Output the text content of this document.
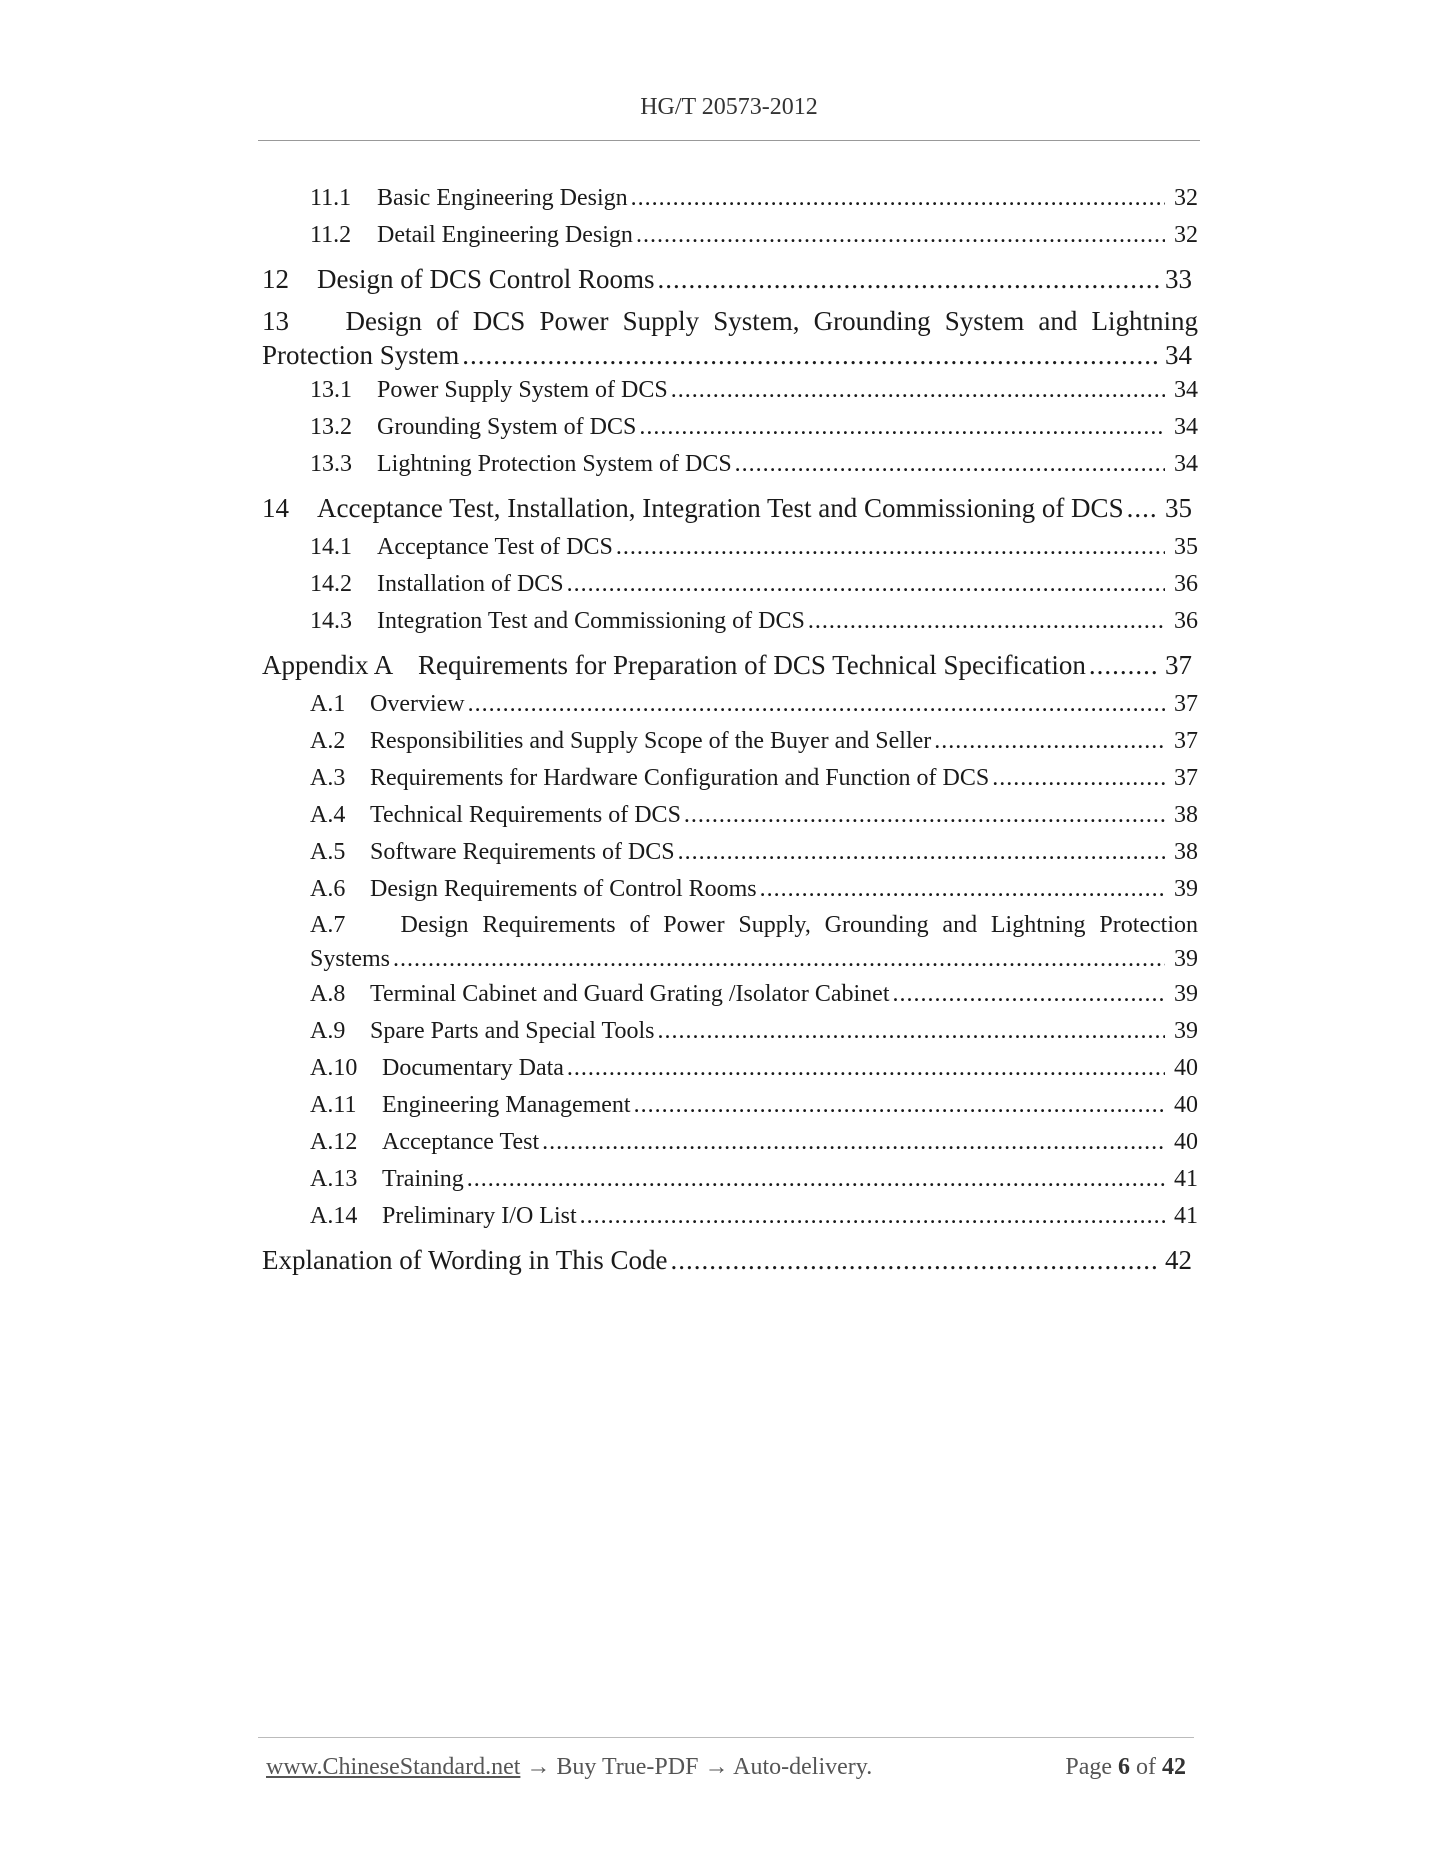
HG/T 20573-2012
11.1	Basic Engineering Design .....	32
11.2	Detail Engineering Design .....	32
12	Design of DCS Control Rooms .....	33
13    Design of DCS Power Supply System, Grounding System and Lightning
Protection System .....	34
13.1	Power Supply System of DCS .....	34
13.2	Grounding System of DCS .....	34
13.3	Lightning Protection System of DCS .....	34
14	Acceptance Test, Installation, Integration Test and Commissioning of DCS ..... 35
14.1	Acceptance Test of DCS .....	35
14.2	Installation of DCS .....	36
14.3	Integration Test and Commissioning of DCS .....	36
Appendix A Requirements for Preparation of DCS Technical Specification .....	37
A.1	Overview .....	37
A.2	Responsibilities and Supply Scope of the Buyer and Seller .....	37
A.3	Requirements for Hardware Configuration and Function of DCS .....	37
A.4	Technical Requirements of DCS .....	38
A.5	Software Requirements of DCS .....	38
A.6	Design Requirements of Control Rooms .....	39
A.7    Design Requirements of Power Supply, Grounding and Lightning Protection
Systems .....	39
A.8	Terminal Cabinet and Guard Grating /Isolator Cabinet .....	39
A.9	Spare Parts and Special Tools .....	39
A.10	Documentary Data .....	40
A.11	Engineering Management .....	40
A.12	Acceptance Test .....	40
A.13	Training .....	41
A.14	Preliminary I/O List .....	41
Explanation of Wording in This Code .....	42
www.ChineseStandard.net → Buy True-PDF → Auto-delivery.	Page 6 of 42
